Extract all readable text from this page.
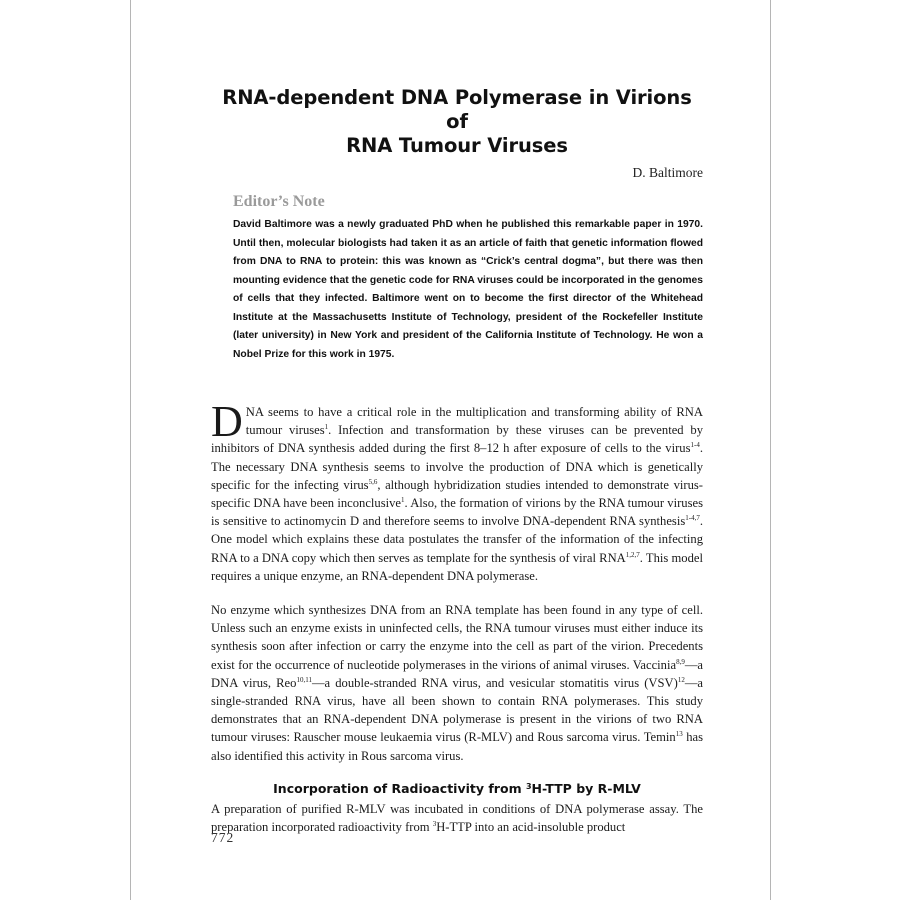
RNA-dependent DNA Polymerase in Virions of
RNA Tumour Viruses
D. Baltimore
Editor’s Note

David Baltimore was a newly graduated PhD when he published this remarkable paper in 1970. Until then, molecular biologists had taken it as an article of faith that genetic information flowed from DNA to RNA to protein: this was known as “Crick’s central dogma”, but there was then mounting evidence that the genetic code for RNA viruses could be incorporated in the genomes of cells that they infected. Baltimore went on to become the first director of the Whitehead Institute at the Massachusetts Institute of Technology, president of the Rockefeller Institute (later university) in New York and president of the California Institute of Technology. He won a Nobel Prize for this work in 1975.

DNA seems to have a critical role in the multiplication and transforming ability of RNA tumour viruses$^1$. Infection and transformation by these viruses can be prevented by inhibitors of DNA synthesis added during the first 8–12 h after exposure of cells to the virus$^{1-4}$. The necessary DNA synthesis seems to involve the production of DNA which is genetically specific for the infecting virus$^{5,6}$, although hybridization studies intended to demonstrate virus-specific DNA have been inconclusive$^1$. Also, the formation of virions by the RNA tumour viruses is sensitive to actinomycin D and therefore seems to involve DNA-dependent RNA synthesis$^{1-4,7}$. One model which explains these data postulates the transfer of the information of the infecting RNA to a DNA copy which then serves as template for the synthesis of viral RNA$^{1,2,7}$. This model requires a unique enzyme, an RNA-dependent DNA polymerase.

No enzyme which synthesizes DNA from an RNA template has been found in any type of cell. Unless such an enzyme exists in uninfected cells, the RNA tumour viruses must either induce its synthesis soon after infection or carry the enzyme into the cell as part of the virion. Precedents exist for the occurrence of nucleotide polymerases in the virions of animal viruses. Vaccinia$^{8,9}$—a DNA virus, Reo$^{10,11}$—a double-stranded RNA virus, and vesicular stomatitis virus (VSV)$^{12}$—a single-stranded RNA virus, have all been shown to contain RNA polymerases. This study demonstrates that an RNA-dependent DNA polymerase is present in the virions of two RNA tumour viruses: Rauscher mouse leukaemia virus (R-MLV) and Rous sarcoma virus. Temin$^{13}$ has also identified this activity in Rous sarcoma virus.

Incorporation of Radioactivity from $^3$H-TTP by R-MLV

A preparation of purified R-MLV was incubated in conditions of DNA polymerase assay. The preparation incorporated radioactivity from $^3$H-TTP into an acid-insoluble product

772
